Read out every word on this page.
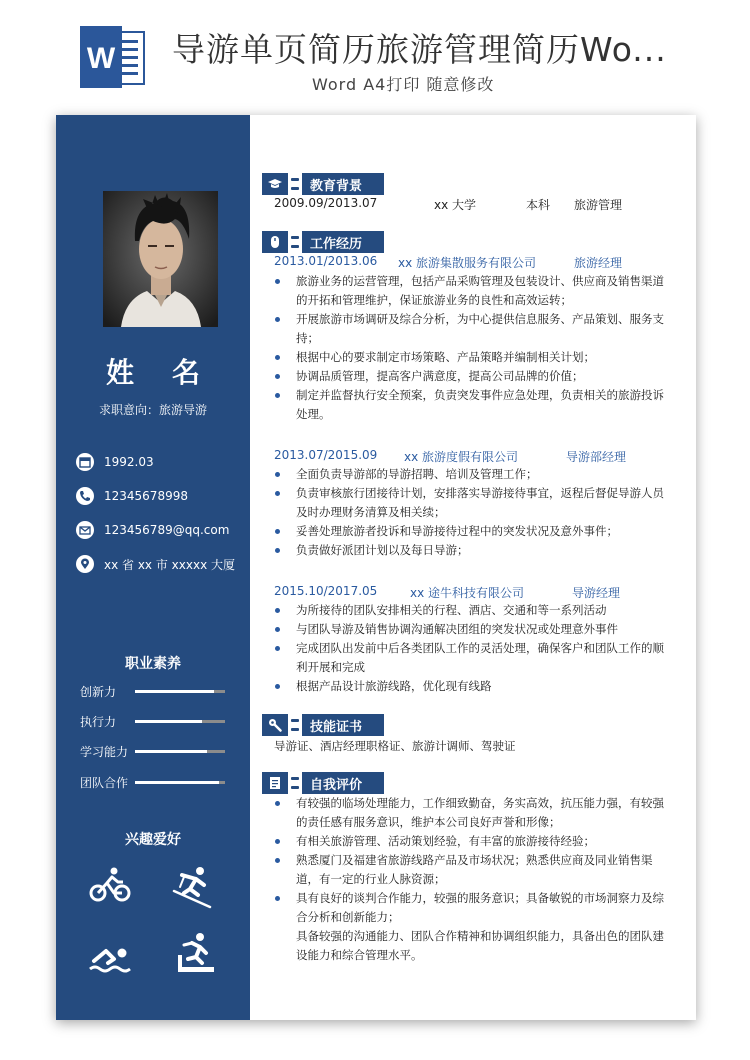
W 导游单页简历旅游管理简历Wo...
Word A4打印 随意修改
姓名
求职意向：旅游导游
1992.03
12345678998
123456789@qq.com
xx 省 xx 市 xxxxx 大厦
职业素养
创新力
执行力
学习能力
团队合作
兴趣爱好
教育背景
2009.09/2013.07	xx 大学	本科 旅游管理
工作经历
2013.01/2013.06 xx 旅游集散服务有限公司	旅游经理
旅游业务的运营管理，包括产品采购管理及包装设计、供应商及销售渠道
的开拓和管理维护，保证旅游业务的良性和高效运转；
开展旅游市场调研及综合分析，为中心提供信息服务、产品策划、服务支
持；
根据中心的要求制定市场策略、产品策略并编制相关计划；
协调品质管理，提高客户满意度，提高公司品牌的价值；
制定并监督执行安全预案，负责突发事件应急处理，负责相关的旅游投诉
处理。
2013.07/2015.09 xx 旅游度假有限公司	导游部经理
全面负责导游部的导游招聘、培训及管理工作；
负责审核旅行团接待计划，安排落实导游接待事宜，返程后督促导游人员
及时办理财务清算及相关续；
妥善处理旅游者投诉和导游接待过程中的突发状况及意外事件；
负责做好派团计划以及每日导游；
2015.10/2017.05	xx 途牛科技有限公司	导游经理
为所接待的团队安排相关的行程、酒店、交通和等一系列活动
与团队导游及销售协调沟通解决团组的突发状况或处理意外事件
完成团队出发前中后各类团队工作的灵活处理，确保客户和团队工作的顺
利开展和完成
根据产品设计旅游线路，优化现有线路
技能证书
导游证、酒店经理职格证、旅游计调师、驾驶证
自我评价
有较强的临场处理能力，工作细致勤奋，务实高效，抗压能力强，有较强
的责任感有服务意识，维护本公司良好声誉和形像；
有相关旅游管理、活动策划经验，有丰富的旅游接待经验；
熟悉厦门及福建省旅游线路产品及市场状况；熟悉供应商及同业销售渠
道，有一定的行业人脉资源；
具有良好的谈判合作能力，较强的服务意识；具备敏锐的市场洞察力及综
合分析和创新能力；
具备较强的沟通能力、团队合作精神和协调组织能力，具备出色的团队建
设能力和综合管理水平。
